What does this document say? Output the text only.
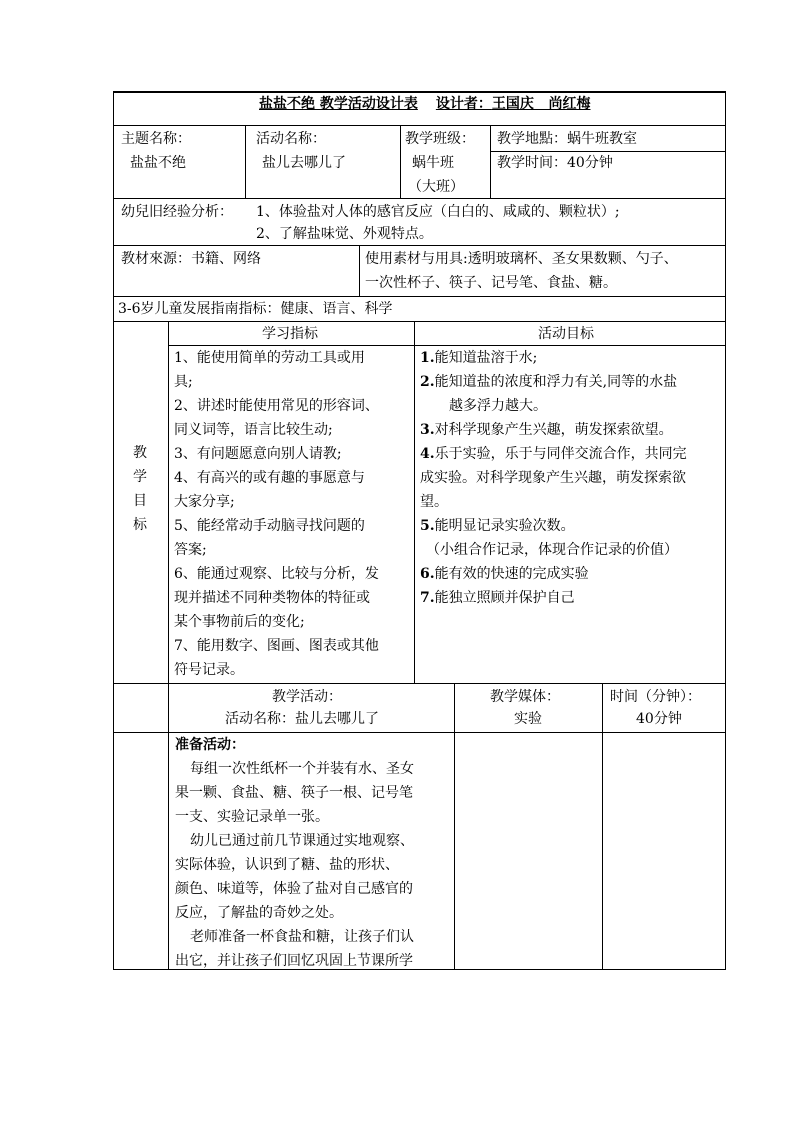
盐盐不绝 教学活动设计表 设计者：王国庆   尚红梅
主题名称：
盐盐不绝
活动名称：
盐儿去哪儿了
教学班级：
蜗牛班
（大班）
教学地點：蜗牛班教室
教学时间：40分钟
幼兒旧经验分析： 1、体验盐对人体的感官反应（白白的、咸咸的、颗粒状）;
2、了解盐味觉、外观特点。
教材來源：书籍、网络	使用素材与用具:透明玻璃杯、圣女果数颗、勺子、
一次性杯子、筷子、记号笔、食盐、糖。
3-6岁儿童发展指南指标：健康、语言、科学
教
学
目
标
学习指标	活动目标
1、能使用简单的劳动工具或用
具;
2、讲述时能使用常见的形容词、
同义词等，语言比较生动;
3、有问题愿意向别人请教;
4、有高兴的或有趣的事愿意与
大家分享;
5、能经常动手动脑寻找问题的
答案;
6、能通过观察、比较与分析，发
现并描述不同种类物体的特征或
某个事物前后的变化;
7、能用数字、图画、图表或其他
符号记录。
1.能知道盐溶于水;
2.能知道盐的浓度和浮力有关,同等的水盐
越多浮力越大。
3.对科学现象产生兴趣，萌发探索欲望。
4.乐于实验，乐于与同伴交流合作，共同完
成实验。对科学现象产生兴趣，萌发探索欲
望。
5.能明显记录实验次数。
（小组合作记录，体现合作记录的价值）
6.能有效的快速的完成实验
7.能独立照顾并保护自己
教学活动：
活动名称：盐儿去哪儿了
教学媒体：
实验
时间（分钟）：
40分钟
准备活动：
每组一次性纸杯一个并装有水、圣女
果一颗、食盐、糖、筷子一根、记号笔
一支、实验记录单一张。
幼儿已通过前几节课通过实地观察、
实际体验，认识到了糖、盐的形状、
颜色、味道等，体验了盐对自己感官的
反应，了解盐的奇妙之处。
老师准备一杯食盐和糖，让孩子们认
出它，并让孩子们回忆巩固上节课所学
